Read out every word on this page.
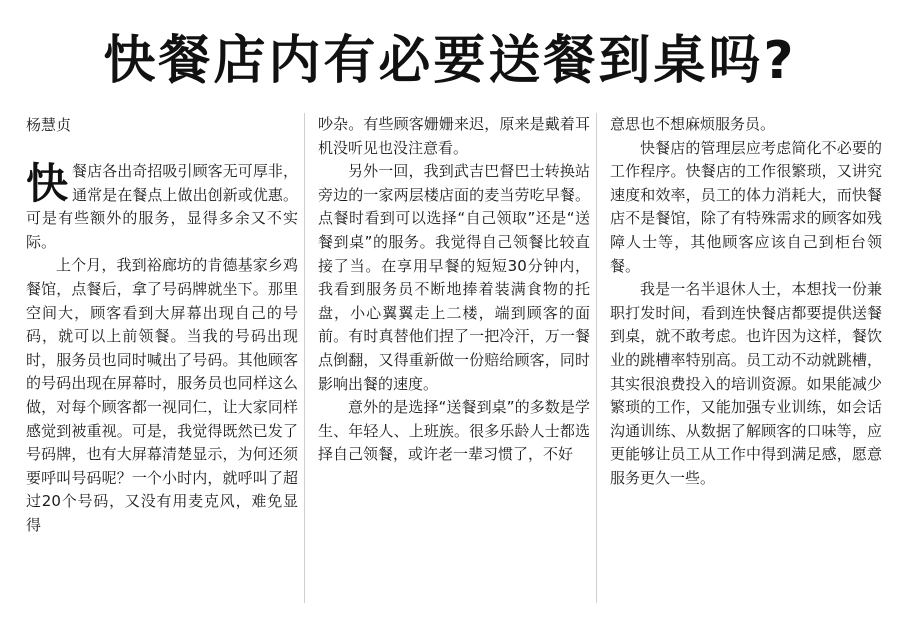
快餐店内有必要送餐到桌吗?
杨慧贞
快 餐店各出奇招吸引顾客无可厚非，通常是在餐点上做出创新或优惠。可是有些额外的服务，显得多余又不实际。

上个月，我到裕廊坊的肯德基家乡鸡餐馆，点餐后，拿了号码牌就坐下。那里空间大，顾客看到大屏幕出现自己的号码，就可以上前领餐。当我的号码出现时，服务员也同时喊出了号码。其他顾客的号码出现在屏幕时，服务员也同样这么做，对每个顾客都一视同仁，让大家同样感觉到被重视。可是，我觉得既然已发了号码牌，也有大屏幕清楚显示，为何还须要呼叫号码呢？一个小时内，就呼叫了超过20个号码，又没有用麦克风，难免显得

吵杂。有些顾客姗姗来迟，原来是戴着耳机没听见也没注意看。

另外一回，我到武吉巴督巴士转换站旁边的一家两层楼店面的麦当劳吃早餐。点餐时看到可以选择“自己领取”还是“送餐到桌”的服务。我觉得自己领餐比较直接了当。在享用早餐的短短30分钟内，我看到服务员不断地捧着装满食物的托盘，小心翼翼走上二楼，端到顾客的面前。有时真替他们捏了一把冷汗，万一餐点倒翻，又得重新做一份赔给顾客，同时影响出餐的速度。

意外的是选择“送餐到桌”的多数是学生、年轻人、上班族。很多乐龄人士都选择自己领餐，或许老一辈习惯了，不好

意思也不想麻烦服务员。

快餐店的管理层应考虑简化不必要的工作程序。快餐店的工作很繁琐，又讲究速度和效率，员工的体力消耗大，而快餐店不是餐馆，除了有特殊需求的顾客如残障人士等，其他顾客应该自己到柜台领餐。

我是一名半退休人士，本想找一份兼职打发时间，看到连快餐店都要提供送餐到桌，就不敢考虑。也许因为这样，餐饮业的跳槽率特别高。员工动不动就跳槽，其实很浪费投入的培训资源。如果能减少繁琐的工作，又能加强专业训练，如会话沟通训练、从数据了解顾客的口味等，应更能够让员工从工作中得到满足感，愿意服务更久一些。
